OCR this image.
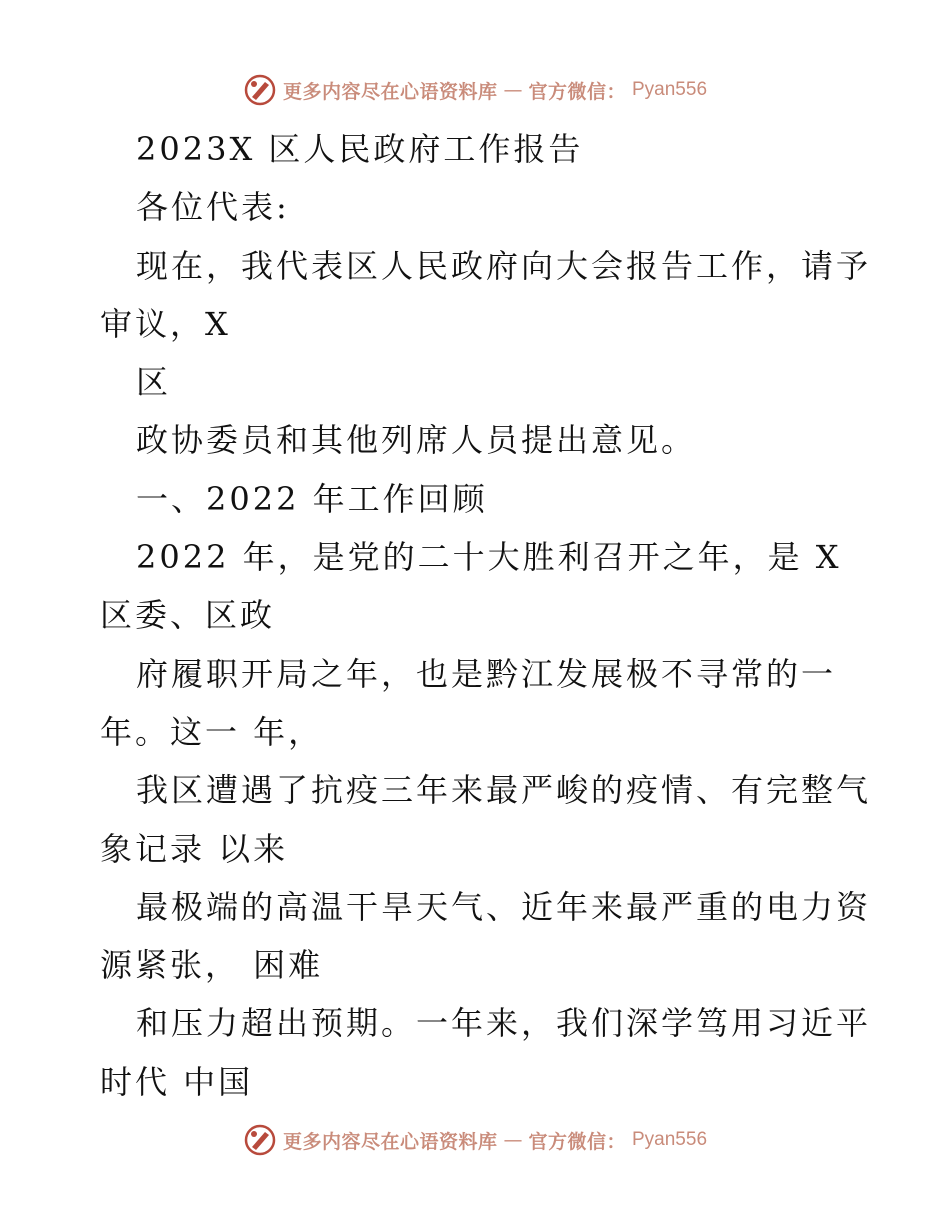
更多内容尽在心语资料库 — 官方微信： Pyan556
2023X 区人民政府工作报告
各位代表:
现在，我代表区人民政府向大会报告工作，请予
审议，X
区
政协委员和其他列席人员提出意见。
一、2022 年工作回顾
2022 年，是党的二十大胜利召开之年，是 X
区委、区政
府履职开局之年，也是黔江发展极不寻常的一
年。这一 年，
我区遭遇了抗疫三年来最严峻的疫情、有完整气
象记录 以来
最极端的高温干旱天气、近年来最严重的电力资
源紧张， 困难
和压力超出预期。一年来，我们深学笃用习近平
时代 中国
更多内容尽在心语资料库 — 官方微信： Pyan556
